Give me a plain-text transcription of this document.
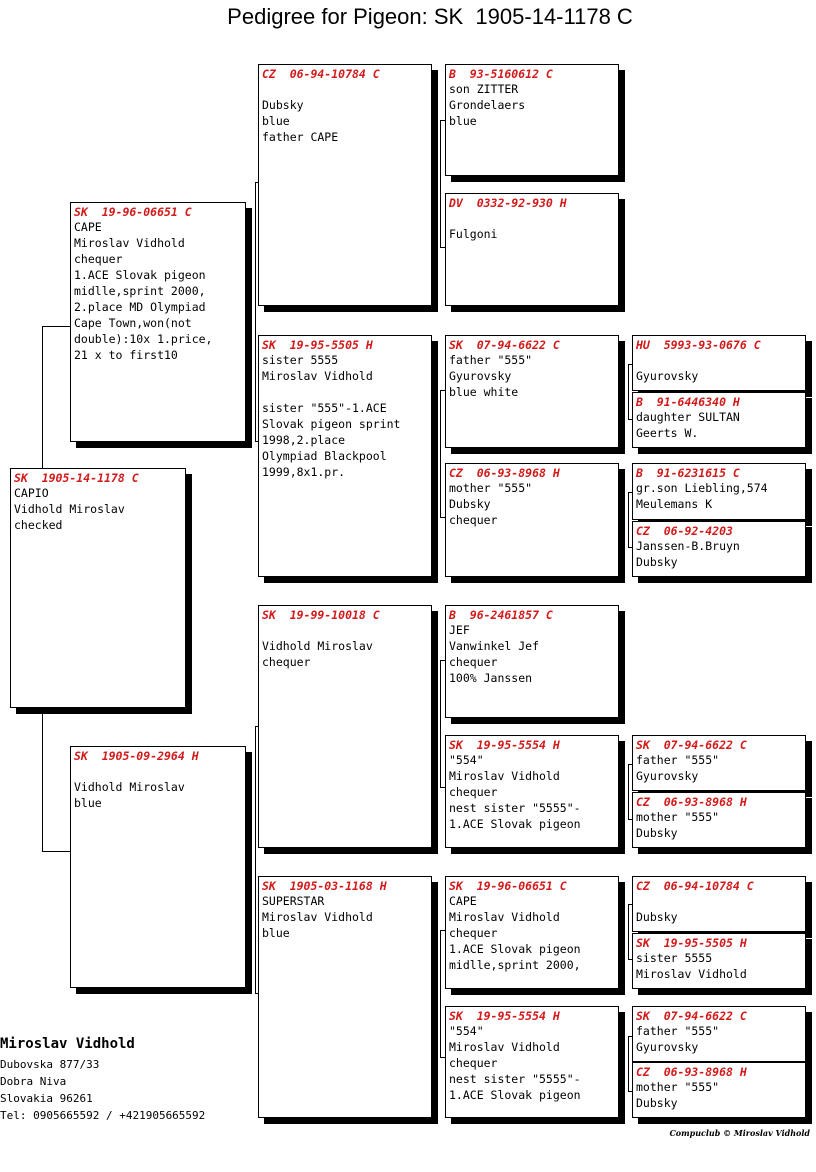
Pedigree for Pigeon: SK  1905-14-1178 C
SK  1905-14-1178 C
CAPIO
Vidhold Miroslav
checked
SK  19-96-06651 C
CAPE
Miroslav Vidhold
chequer
1.ACE Slovak pigeon
midlle,sprint 2000,
2.place MD Olympiad
Cape Town,won(not
double):10x 1.price,
21 x to first10
SK  1905-09-2964 H
Vidhold Miroslav
blue
CZ  06-94-10784 C
Dubsky
blue
father CAPE
SK  19-95-5505 H
sister 5555
Miroslav Vidhold
sister "555"-1.ACE
Slovak pigeon sprint
1998,2.place
Olympiad Blackpool
1999,8x1.pr.
SK  19-99-10018 C
Vidhold Miroslav
chequer
SK  1905-03-1168 H
SUPERSTAR
Miroslav Vidhold
blue
B  93-5160612 C
son ZITTER
Grondelaers
blue
DV  0332-92-930 H
Fulgoni
SK  07-94-6622 C
father "555"
Gyurovsky
blue white
CZ  06-93-8968 H
mother "555"
Dubsky
chequer
B  96-2461857 C
JEF
Vanwinkel Jef
chequer
100% Janssen
SK  19-95-5554 H
"554"
Miroslav Vidhold
chequer
nest sister "5555"-
1.ACE Slovak pigeon
SK  19-96-06651 C
CAPE
Miroslav Vidhold
chequer
1.ACE Slovak pigeon
midlle,sprint 2000,
SK  19-95-5554 H
"554"
Miroslav Vidhold
chequer
nest sister "5555"-
1.ACE Slovak pigeon
HU  5993-93-0676 C
Gyurovsky
B  91-6446340 H
daughter SULTAN
Geerts W.
B  91-6231615 C
gr.son Liebling,574
Meulemans K
CZ  06-92-4203
Janssen-B.Bruyn
Dubsky
SK  07-94-6622 C
father "555"
Gyurovsky
CZ  06-93-8968 H
mother "555"
Dubsky
CZ  06-94-10784 C
Dubsky
SK  19-95-5505 H
sister 5555
Miroslav Vidhold
SK  07-94-6622 C
father "555"
Gyurovsky
CZ  06-93-8968 H
mother "555"
Dubsky
Miroslav Vidhold
Dubovska 877/33
Dobra Niva
Slovakia 96261
Tel: 0905665592 / +421905665592
Compuclub © Miroslav Vidhold
